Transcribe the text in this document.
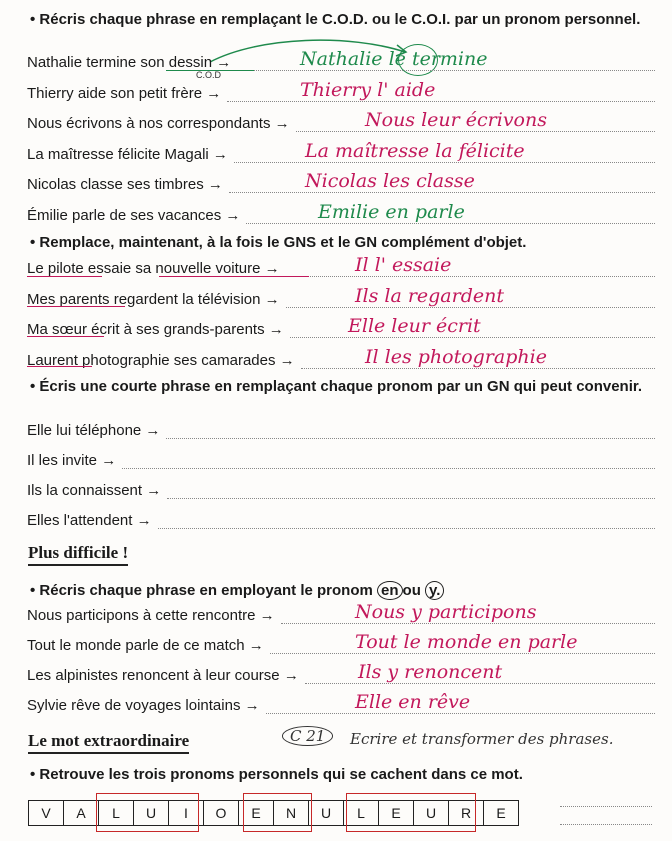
• Récris chaque phrase en remplaçant le C.O.D. ou le C.O.I. par un pronom personnel.
C.O.D
Nathalie termine son dessin →	Nathalie le termine
Thierry aide son petit frère →	Thierry l' aide
Nous écrivons à nos correspondants →	Nous leur écrivons
La maîtresse félicite Magali →	La maîtresse la félicite
Nicolas classe ses timbres →	Nicolas les classe
Émilie parle de ses vacances →	Emilie en parle
• Remplace, maintenant, à la fois le GNS et le GN complément d'objet.
Le pilote essaie sa nouvelle voiture →	Il l' essaie
Mes parents regardent la télévision →	Ils la regardent
Ma sœur écrit à ses grands-parents →	Elle leur écrit
Laurent photographie ses camarades →	Il les photographie
• Écris une courte phrase en remplaçant chaque pronom par un GN qui peut convenir.
Elle lui téléphone →
Il les invite →
Ils la connaissent →
Elles l'attendent →
Plus difficile !
• Récris chaque phrase en employant le pronom en ou y.
Nous participons à cette rencontre →	Nous y participons
Tout le monde parle de ce match →	Tout le monde en parle
Les alpinistes renoncent à leur course →	Ils y renoncent
Sylvie rêve de voyages lointains →	Elle en rêve
Le mot extraordinaire	C 21	Ecrire et transformer des phrases.
• Retrouve les trois pronoms personnels qui se cachent dans ce mot.
V	A	L	U	I	O	E	N	U	L	E	U	R	E
